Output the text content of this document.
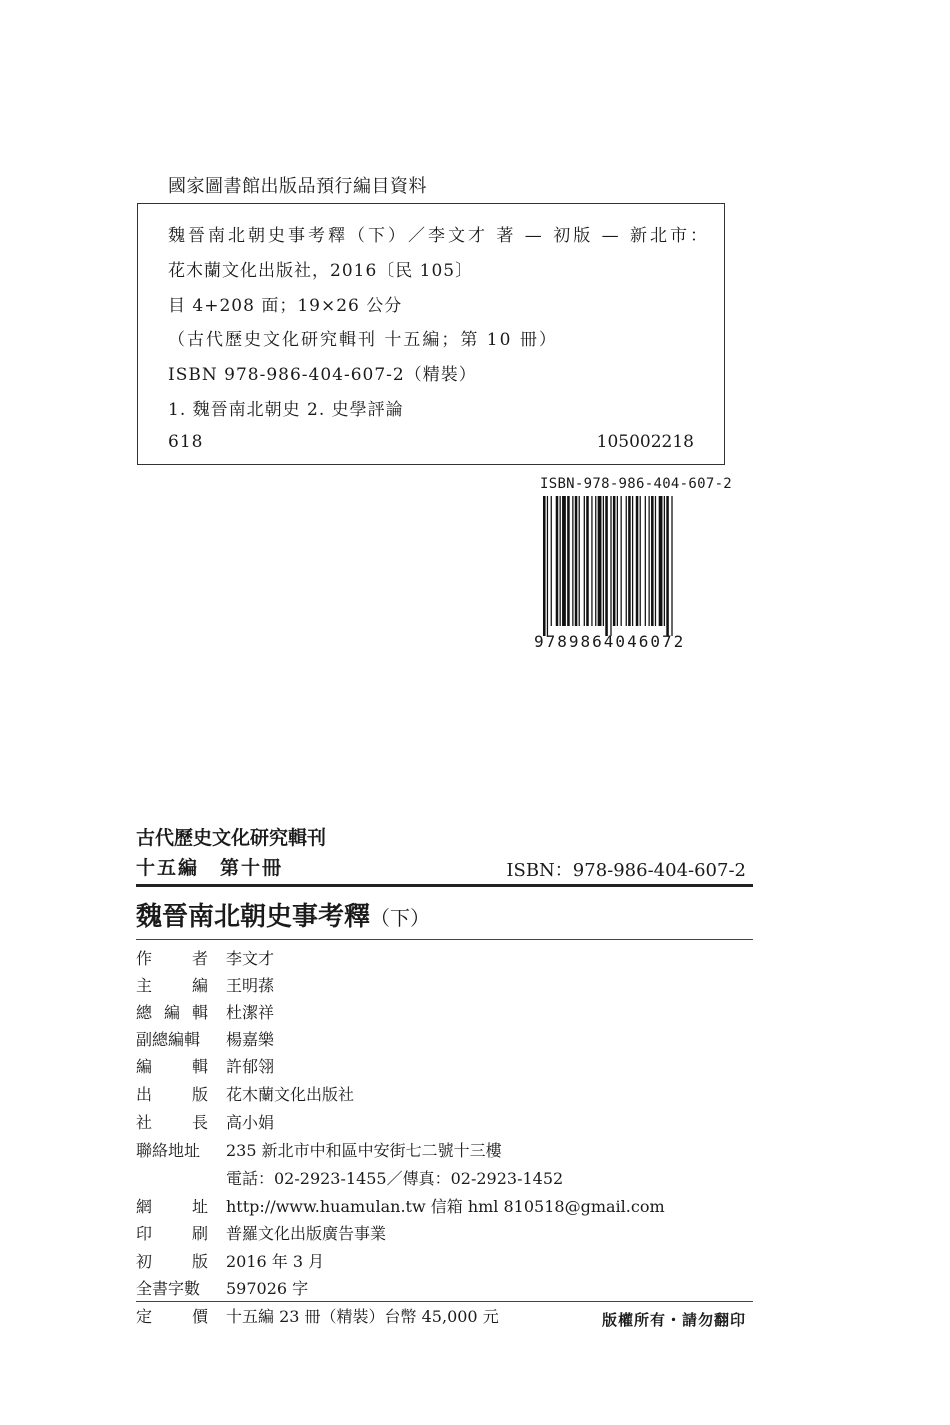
國家圖書館出版品預行編目資料
魏晉南北朝史事考釋（下）／李文才 著 — 初版 — 新北市：
花木蘭文化出版社，2016〔民 105〕
目 4+208 面；19×26 公分
（古代歷史文化研究輯刊 十五編；第 10 冊）
ISBN 978-986-404-607-2（精裝）
1. 魏晉南北朝史 2. 史學評論
618	105002218
ISBN-978-986-404-607-2
9789864046072
古代歷史文化研究輯刊
十五編　第十冊	ISBN：978-986-404-607-2
魏晉南北朝史事考釋（下）
作 者 李文才
主 編 王明蓀
總 編 輯 杜潔祥
副總編輯 楊嘉樂
編 輯 許郁翎
出 版 花木蘭文化出版社
社 長 高小娟
聯絡地址 235 新北市中和區中安街七二號十三樓
電話：02-2923-1455／傳真：02-2923-1452
網 址 http://www.huamulan.tw 信箱 hml 810518@gmail.com
印 刷 普羅文化出版廣告事業
初 版 2016 年 3 月
全書字數 597026 字
定 價 十五編 23 冊（精裝）台幣 45,000 元	版權所有・請勿翻印
